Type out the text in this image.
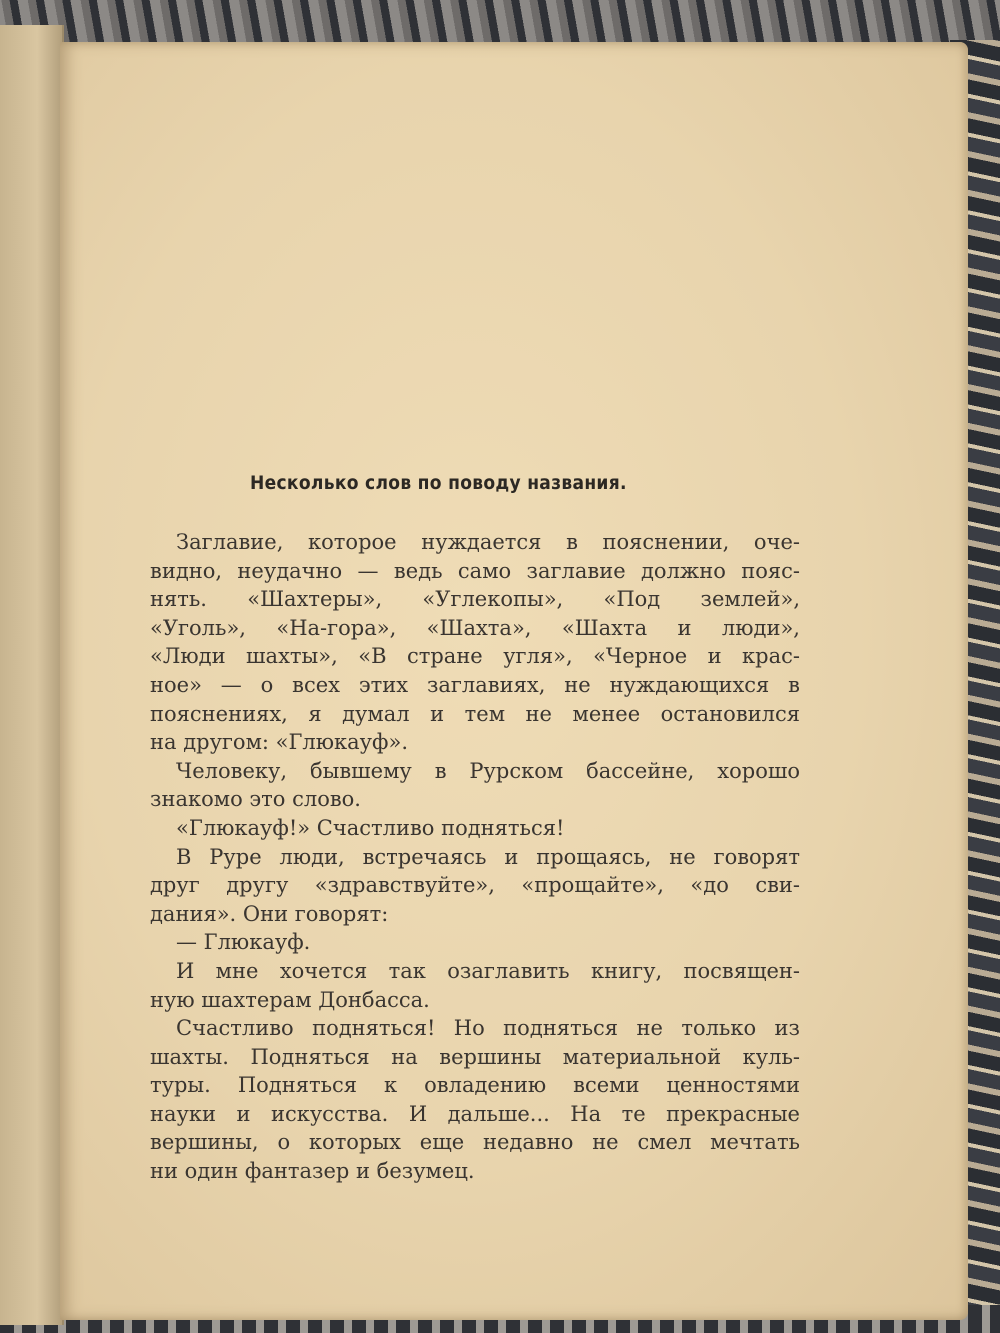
Несколько слов по поводу названия.
Заглавие, которое нуждается в пояснении, оче-
видно, неудачно — ведь само заглавие должно пояс-
нять. «Шахтеры», «Углекопы», «Под землей»,
«Уголь», «На-гора», «Шахта», «Шахта и люди»,
«Люди шахты», «В стране угля», «Черное и крас-
ное» — о всех этих заглавиях, не нуждающихся в
пояснениях, я думал и тем не менее остановился
на другом: «Глюкауф».
Человеку, бывшему в Рурском бассейне, хорошо
знакомо это слово.
«Глюкауф!» Счастливо подняться!
В Руре люди, встречаясь и прощаясь, не говорят
друг другу «здравствуйте», «прощайте», «до сви-
дания». Они говорят:
— Глюкауф.
И мне хочется так озаглавить книгу, посвящен-
ную шахтерам Донбасса.
Счастливо подняться! Но подняться не только из
шахты. Подняться на вершины материальной куль-
туры. Подняться к овладению всеми ценностями
науки и искусства. И дальше... На те прекрасные
вершины, о которых еще недавно не смел мечтать
ни один фантазер и безумец.
